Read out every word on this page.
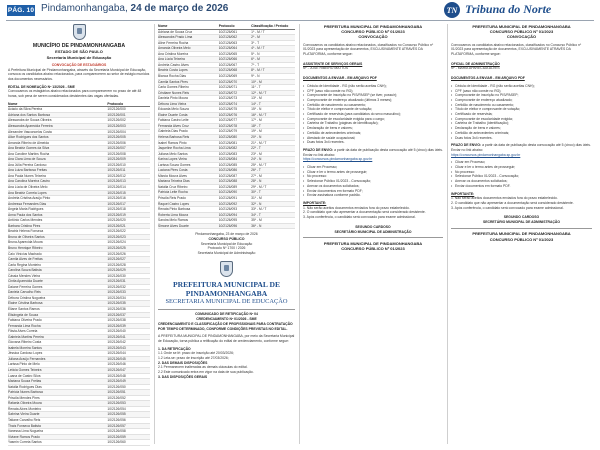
PÁG. 10 Pindamonhangaba, 24 de março de 2026	TN Tribuna do Norte
MUNICÍPIO DE PINDAMONHANGABA
ESTADO DE SÃO PAULO
Secretaria Municipal de Educação
CONVOCAÇÃO DE ESTAGIÁRIOS
A Prefeitura Municipal de Pindamonhangaba, através da Secretaria Municipal de Educação, convoca os candidatos abaixo relacionados, para comparecerem ao setor de estágio munidos dos documentos necessários.
EDITAL DE NOMEAÇÃO Nº 13/2026 - SME
Convocamos os estagiários abaixo relacionados para comparecerem no prazo de até 48 horas, sob pena de serem considerados desistentes das vagas ofertadas.
Nome	Protocolo
Acácio da Silva Pereira	10/2126/000
Adriana dos Santos Barbosa	10/2126/001
Alessandra de Souza Oliveira	10/2126/002
Alessandra Aparecida Ferreira	10/2126/003
Alexandre Vasconcelos Costa	10/2126/004
Alice Rodrigues dos Santos	10/2126/005
Amanda Ribeiro de Almeida	10/2126/006
Ana Beatriz Gomes da Silva	10/2126/007
Ana Caroline Martins Rocha	10/2126/008
Ana Clara Lima de Souza	10/2126/009
Ana Júlia Pereira Cardoso	10/2126/010
Ana Luiza Barbosa Freitas	10/2126/011
Ana Paula Nunes Teixeira	10/2126/012
Ana Carolina Moreira Castro	10/2126/013
Ana Lúcia de Oliveira Melo	10/2126/014
Ana Beatriz Correia Lopes	10/2126/015
Andréia Cristina Araújo Pinto	10/2126/016
Andressa Fernandes Dias	10/2126/017
Ângela Maria Rodrigues	10/2126/018
Anna Paula dos Santos	10/2126/019
Antônio Carlos Mendes	10/2126/020
Barbara Cristina Pires	10/2126/021
Beatriz Helena Fonseca	10/2126/022
Bruna de Oliveira Santos	10/2126/023
Bruna Aparecida Moura	10/2126/024
Bruno Henrique Ribeiro	10/2126/025
Caio Vinícius Machado	10/2126/026
Camila Alves de Freitas	10/2126/027
Carla Regina Monteiro	10/2126/028
Carolina Souza Batista	10/2126/029
Cássia Mendes Vieira	10/2126/030
Cintia Aparecida Duarte	10/2126/031
Daiane Ferreira Gomes	10/2126/032
Daniela Carvalho Reis	10/2126/033
Débora Cristina Nogueira	10/2126/034
Elaine Cristina Barbosa	10/2126/035
Eliane Santos Ramos	10/2126/036
Elisângela de Souza	10/2126/037
Fabiana Oliveira Prado	10/2126/038
Fernanda Lima Rocha	10/2126/039
Flávia Alves Correia	10/2126/040
Gabriela Martins Pereira	10/2126/041
Giovana Ribeiro Costa	10/2126/042
Isabela Moreira Santos	10/2126/043
Jéssica Cardoso Lopes	10/2126/044
Juliana Araújo Fernandes	10/2126/045
Larissa Pinto de Melo	10/2126/046
Letícia Gomes Teixeira	10/2126/047
Luana de Castro Silva	10/2126/048
Mariana Souza Freitas	10/2126/049
Natália Rodrigues Dias	10/2126/050
Patrícia Nunes Barbosa	10/2126/051
Priscila Mendes Pires	10/2126/052
Rafaela Oliveira Moura	10/2126/053
Renata Alves Monteiro	10/2126/054
Sabrina Vieira Duarte	10/2126/055
Tatiane Carvalho Reis	10/2126/056
Thaís Fonseca Batista	10/2126/057
Vanessa Lima Nogueira	10/2126/058
Viviane Ramos Prado	10/2126/059
Yasmin Correia Santos	10/2126/060
Nome	Protocolo	Classificação / Período
Adriana de Souza Cruz	10/2126/061	1º - M / T
Alessandra Prado Lima	10/2126/062	2º - M
Aline Ferreira Rocha	10/2126/063	3º - T
Amanda Oliveira Melo	10/2126/064	4º - M / T
Ana Cristina Moreira	10/2126/065	5º - N
Ana Lúcia Teixeira	10/2126/066	6º - M
Andréia Castro Alves	10/2126/067	7º - T
Beatriz Costa Lopes	10/2126/068	8º - M / T
Bianca Rocha Dias	10/2126/069	9º - N
Camila Santos Pires	10/2126/070	10º - M
Carla Gomes Ribeiro	10/2126/071	11º - T
Cristiane Nunes Reis	10/2126/072	12º - M / T
Daniela Pinto Moura	10/2126/073	13º - M
Débora Lima Vieira	10/2126/074	14º - T
Eduarda Melo Souza	10/2126/075	15º - N
Elaine Duarte Costa	10/2126/076	16º - M / T
Fabiana Castro Leite	10/2126/077	17º - M
Fernanda Alves Cruz	10/2126/078	18º - T
Gabriela Dias Prado	10/2126/079	19º - M
Helena Barbosa Reis	10/2126/080	20º - N
Isabel Ramos Pinto	10/2126/081	21º - M / T
Jaqueline Rocha Lima	10/2126/082	22º - T
Juliana Melo Santos	10/2126/083	23º - M
Karina Lopes Vieira	10/2126/084	24º - N
Larissa Souza Gomes	10/2126/085	25º - M / T
Luciana Pires Costa	10/2126/086	26º - T
Márcia Moura Alves	10/2126/087	27º - M
Mariana Teixeira Dias	10/2126/088	28º - N
Natália Cruz Ribeiro	10/2126/089	29º - M / T
Patrícia Leite Rocha	10/2126/090	30º - T
Priscila Reis Prado	10/2126/091	31º - M
Raquel Castro Lopes	10/2126/092	32º - N
Renata Pinto Barbosa	10/2126/093	33º - M / T
Roberta Lima Moura	10/2126/094	34º - T
Sandra Melo Ramos	10/2126/095	35º - M
Simone Alves Duarte	10/2126/096	36º - N
Pindamonhangaba, 23 de março de 2026
CONCURSO PÚBLICO
Secretaria Municipal de Educação
Protocolo Nº 1700 / 2026
Secretaria Municipal de Administração
PREFEITURA MUNICIPAL DE PINDAMONHANGABA
SECRETARIA MUNICIPAL DE EDUCAÇÃO
COMUNICADO DE RETIFICAÇÃO Nº 04
CREDENCIAMENTO Nº 01/2026 - SME
CREDENCIAMENTO E CLASSIFICAÇÃO DE PROFISSIONAIS PARA CONTRATAÇÃO POR TEMPO DETERMINADO, CONFORME CONDIÇÕES PREVISTAS NO EDITAL.
A PREFEITURA MUNICIPAL DE PINDAMONHANGABA, por meio da Secretaria Municipal de Educação, torna pública a retificação do edital de credenciamento, conforme segue:
1. DA RETIFICAÇÃO
1.1 Onde se lê: prazo de inscrição até 20/03/2026;
1.2 Leia-se: prazo de inscrição até 27/03/2026;
2. DAS DEMAIS DISPOSIÇÕES
2.1 Permanecem inalteradas as demais cláusulas do edital.
2.2 Este comunicado entra em vigor na data de sua publicação.
3. DAS DISPOSIÇÕES GERAIS
PREFEITURA MUNICIPAL DE PINDAMONHANGABA
CONCURSO PÚBLICO Nº 01/2023
CONVOCAÇÃO
Convocamos os candidatos abaixo relacionados, classificados no Concurso Público nº 01/2023 para apresentação de documentos, EXCLUSIVAMENTE ATRAVÉS DA PLATAFORMA, conforme segue:
ASSISTENTE DE SERVIÇOS GERAIS
Nº - JOSÉ RIBEIRO MATTOS
DOCUMENTOS A ENVIAR - EM ARQUIVO PDF
• Cédula de Identidade - RG (não serão aceitas CNH);
• CPF (caso não conste no RG);
• Comprovante de inscrição no PIS/PASEP (se tiver, possuir);
• Comprovante de endereço atualizado (últimos 3 meses);
• Certidão de nascimento ou casamento;
• Título de eleitor e comprovante de votação;
• Certificado de reservista (para candidatos do sexo masculino);
• Comprovante de escolaridade exigida para o cargo;
• Carteira de Trabalho (páginas de identificação);
• Declaração de bens e valores;
• Certidão de antecedentes criminais;
• Atestado de saúde ocupacional;
• Duas fotos 3x4 recentes.
PRAZO DE ENVIO: a partir da data de publicação desta convocação até 5 (cinco) dias úteis.
Enviar no link abaixo:
https://concursos.pindamonhangaba.sp.gov.br
• Clicar em Processo;
• Clicar e ler o termo antes de prosseguir;
• No processo:
• Selecionar Público 01/2023 - Convocação;
• Anexar os documentos solicitados;
• Enviar documentos em formato PDF;
• Enviar assinatura conforme padrão.
IMPORTANTE:
1. Não serão aceitos documentos enviados fora do prazo estabelecido.
2. O candidato que não apresentar a documentação será considerado desistente.
3. Após conferência, o candidato será convocado para exame admissional.
SEGUNDO CARDOSO
SECRETÁRIO MUNICIPAL DE ADMINISTRAÇÃO
PREFEITURA MUNICIPAL DE PINDAMONHANGABA
CONCURSO PÚBLICO Nº 01/2023
PREFEITURA MUNICIPAL DE PINDAMONHANGABA
CONCURSO PÚBLICO Nº 01/2023
CONVOCAÇÃO
Convocamos os candidatos abaixo relacionados, classificados no Concurso Público nº 01/2023 para apresentação de documentos, EXCLUSIVAMENTE ATRAVÉS DA PLATAFORMA, conforme segue:
OFICIAL DE ADMINISTRAÇÃO
Nº - MARIA APARECIDA ALVES
DOCUMENTOS A ENVIAR - EM ARQUIVO PDF
• Cédula de Identidade - RG (não serão aceitas CNH);
• CPF (caso não conste no RG);
• Comprovante de inscrição no PIS/PASEP;
• Comprovante de endereço atualizado;
• Certidão de nascimento ou casamento;
• Título de eleitor e comprovante de votação;
• Certificado de reservista;
• Comprovante de escolaridade exigida;
• Carteira de Trabalho (identificação);
• Declaração de bens e valores;
• Certidão de antecedentes criminais;
• Duas fotos 3x4 recentes.
PRAZO DE ENVIO: a partir da data de publicação desta convocação até 5 (cinco) dias úteis.
Enviar no link abaixo:
https://concursos.pindamonhangaba.sp.gov.br
• Clicar em Processo;
• Clicar e ler o termo antes de prosseguir;
• No processo:
• Selecionar Público 01/2023 - Convocação;
• Anexar os documentos solicitados;
• Enviar documentos em formato PDF.
IMPORTANTE:
1. Não serão aceitos documentos enviados fora do prazo estabelecido.
2. O candidato que não apresentar a documentação será considerado desistente.
3. Após conferência, o candidato será convocado para exame admissional.
SEGUNDO CARDOSO
SECRETÁRIO MUNICIPAL DE ADMINISTRAÇÃO
PREFEITURA MUNICIPAL DE PINDAMONHANGABA
CONCURSO PÚBLICO Nº 01/2023
